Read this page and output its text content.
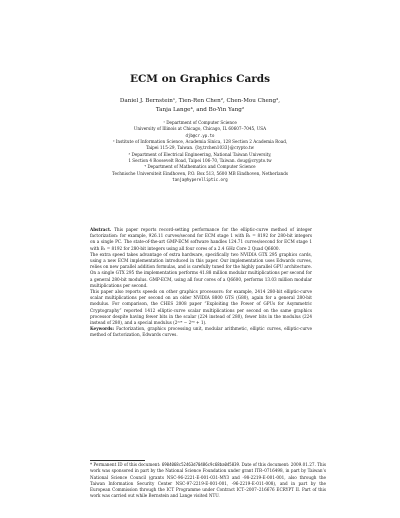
ECM on Graphics Cards
Daniel J. Bernstein¹, Tien-Ren Chen², Chen-Mou Cheng³,
Tanja Lange⁴, and Bo-Yin Yang²
¹ Department of Computer Science
University of Illinois at Chicago, Chicago, IL 60607–7045, USA
djb@cr.yp.to
² Institute of Information Science, Academia Sinica, 128 Section 2 Academia Road,
Taipei 115-29, Taiwan. {by,trchen1033}@crypto.tw
³ Department of Electrical Engineering, National Taiwan University,
1 Section 4 Roosevelt Road, Taipei 106-70, Taiwan. doug@crypto.tw
⁴ Department of Mathematics and Computer Science
Technische Universiteit Eindhoven, P.O. Box 513, 5600 MB Eindhoven, Netherlands
tanja@hyperelliptic.org

Abstract. This paper reports record-setting performance for the elliptic-curve method of integer factorization: for example, 926.11 curves/second for ECM stage 1 with B₁ = 8192 for 280-bit integers on a single PC. The state-of-the-art GMP-ECM software handles 124.71 curves/second for ECM stage 1 with B₁ = 8192 for 280-bit integers using all four cores of a 2.4 GHz Core 2 Quad Q6600.

The extra speed takes advantage of extra hardware, specifically two NVIDIA GTX 295 graphics cards, using a new ECM implementation introduced in this paper. Our implementation uses Edwards curves, relies on new parallel addition formulas, and is carefully tuned for the highly parallel GPU architecture. On a single GTX 295 the implementation performs 41.88 million modular multiplications per second for a general 280-bit modulus. GMP-ECM, using all four cores of a Q6600, performs 13.03 million modular multiplications per second.

This paper also reports speeds on other graphics processors: for example, 2414 280-bit elliptic-curve scalar multiplications per second on an older NVIDIA 8800 GTS (G80), again for a general 280-bit modulus. For comparison, the CHES 2008 paper “Exploiting the Power of GPUs for Asymmetric Cryptography” reported 1412 elliptic-curve scalar multiplications per second on the same graphics processor despite having fewer bits in the scalar (224 instead of 280), fewer bits in the modulus (224 instead of 280), and a special modulus (2²²⁴ − 2⁹⁶ + 1).

Keywords: Factorization, graphics processing unit, modular arithmetic, elliptic curves, elliptic-curve method of factorization, Edwards curves.

* Permanent ID of this document: 6904068c52463d70486c9c68ba045839. Date of this document: 2009.01.27. This work was sponsored in part by the National Science Foundation under grant ITR–0716498, in part by Taiwan’s National Science Council (grants NSC-96-2221-E-001-031-MY3 and -98-2219-E-001-001, also through the Taiwan Information Security Center NSC-97-2219-E-001-001, -96-2219-E-011-008), and in part by the European Commission through the ICT Programme under Contract ICT–2007–216676 ECRYPT II. Part of this work was carried out while Bernstein and Lange visited NTU.
